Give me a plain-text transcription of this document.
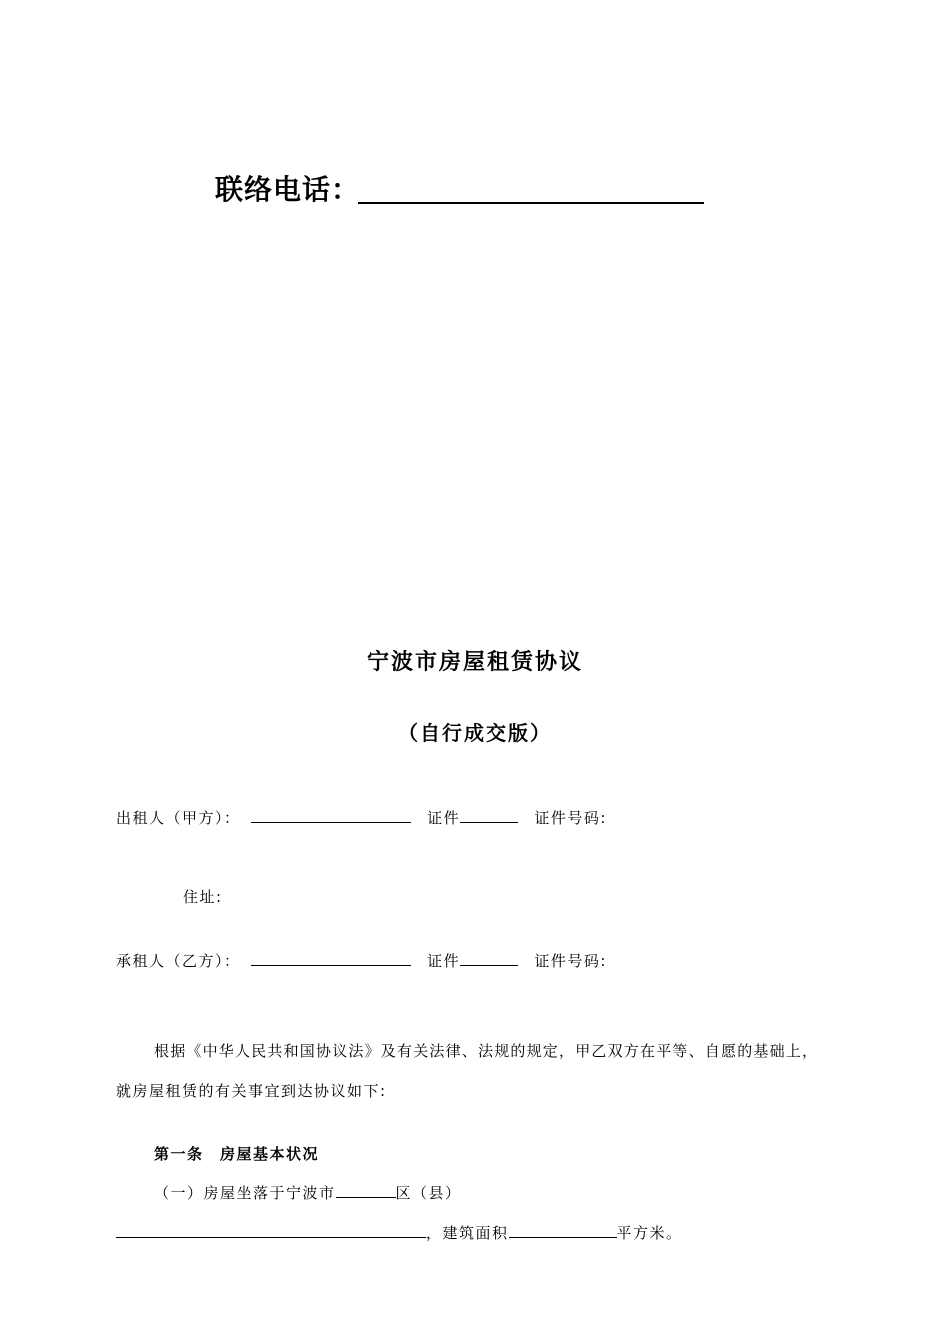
联络电话：
宁波市房屋租赁协议
（自行成交版）
出租人（甲方）：	证件	证件号码:
住址:
承租人（乙方）：	证件	证件号码:
根据《中华人民共和国协议法》及有关法律、法规的规定，甲乙双方在平等、自愿的基础上，
就房屋租赁的有关事宜到达协议如下:
第一条　房屋基本状况
（一）房屋坐落于宁波市	区（县）
，建筑面积	平方米。
